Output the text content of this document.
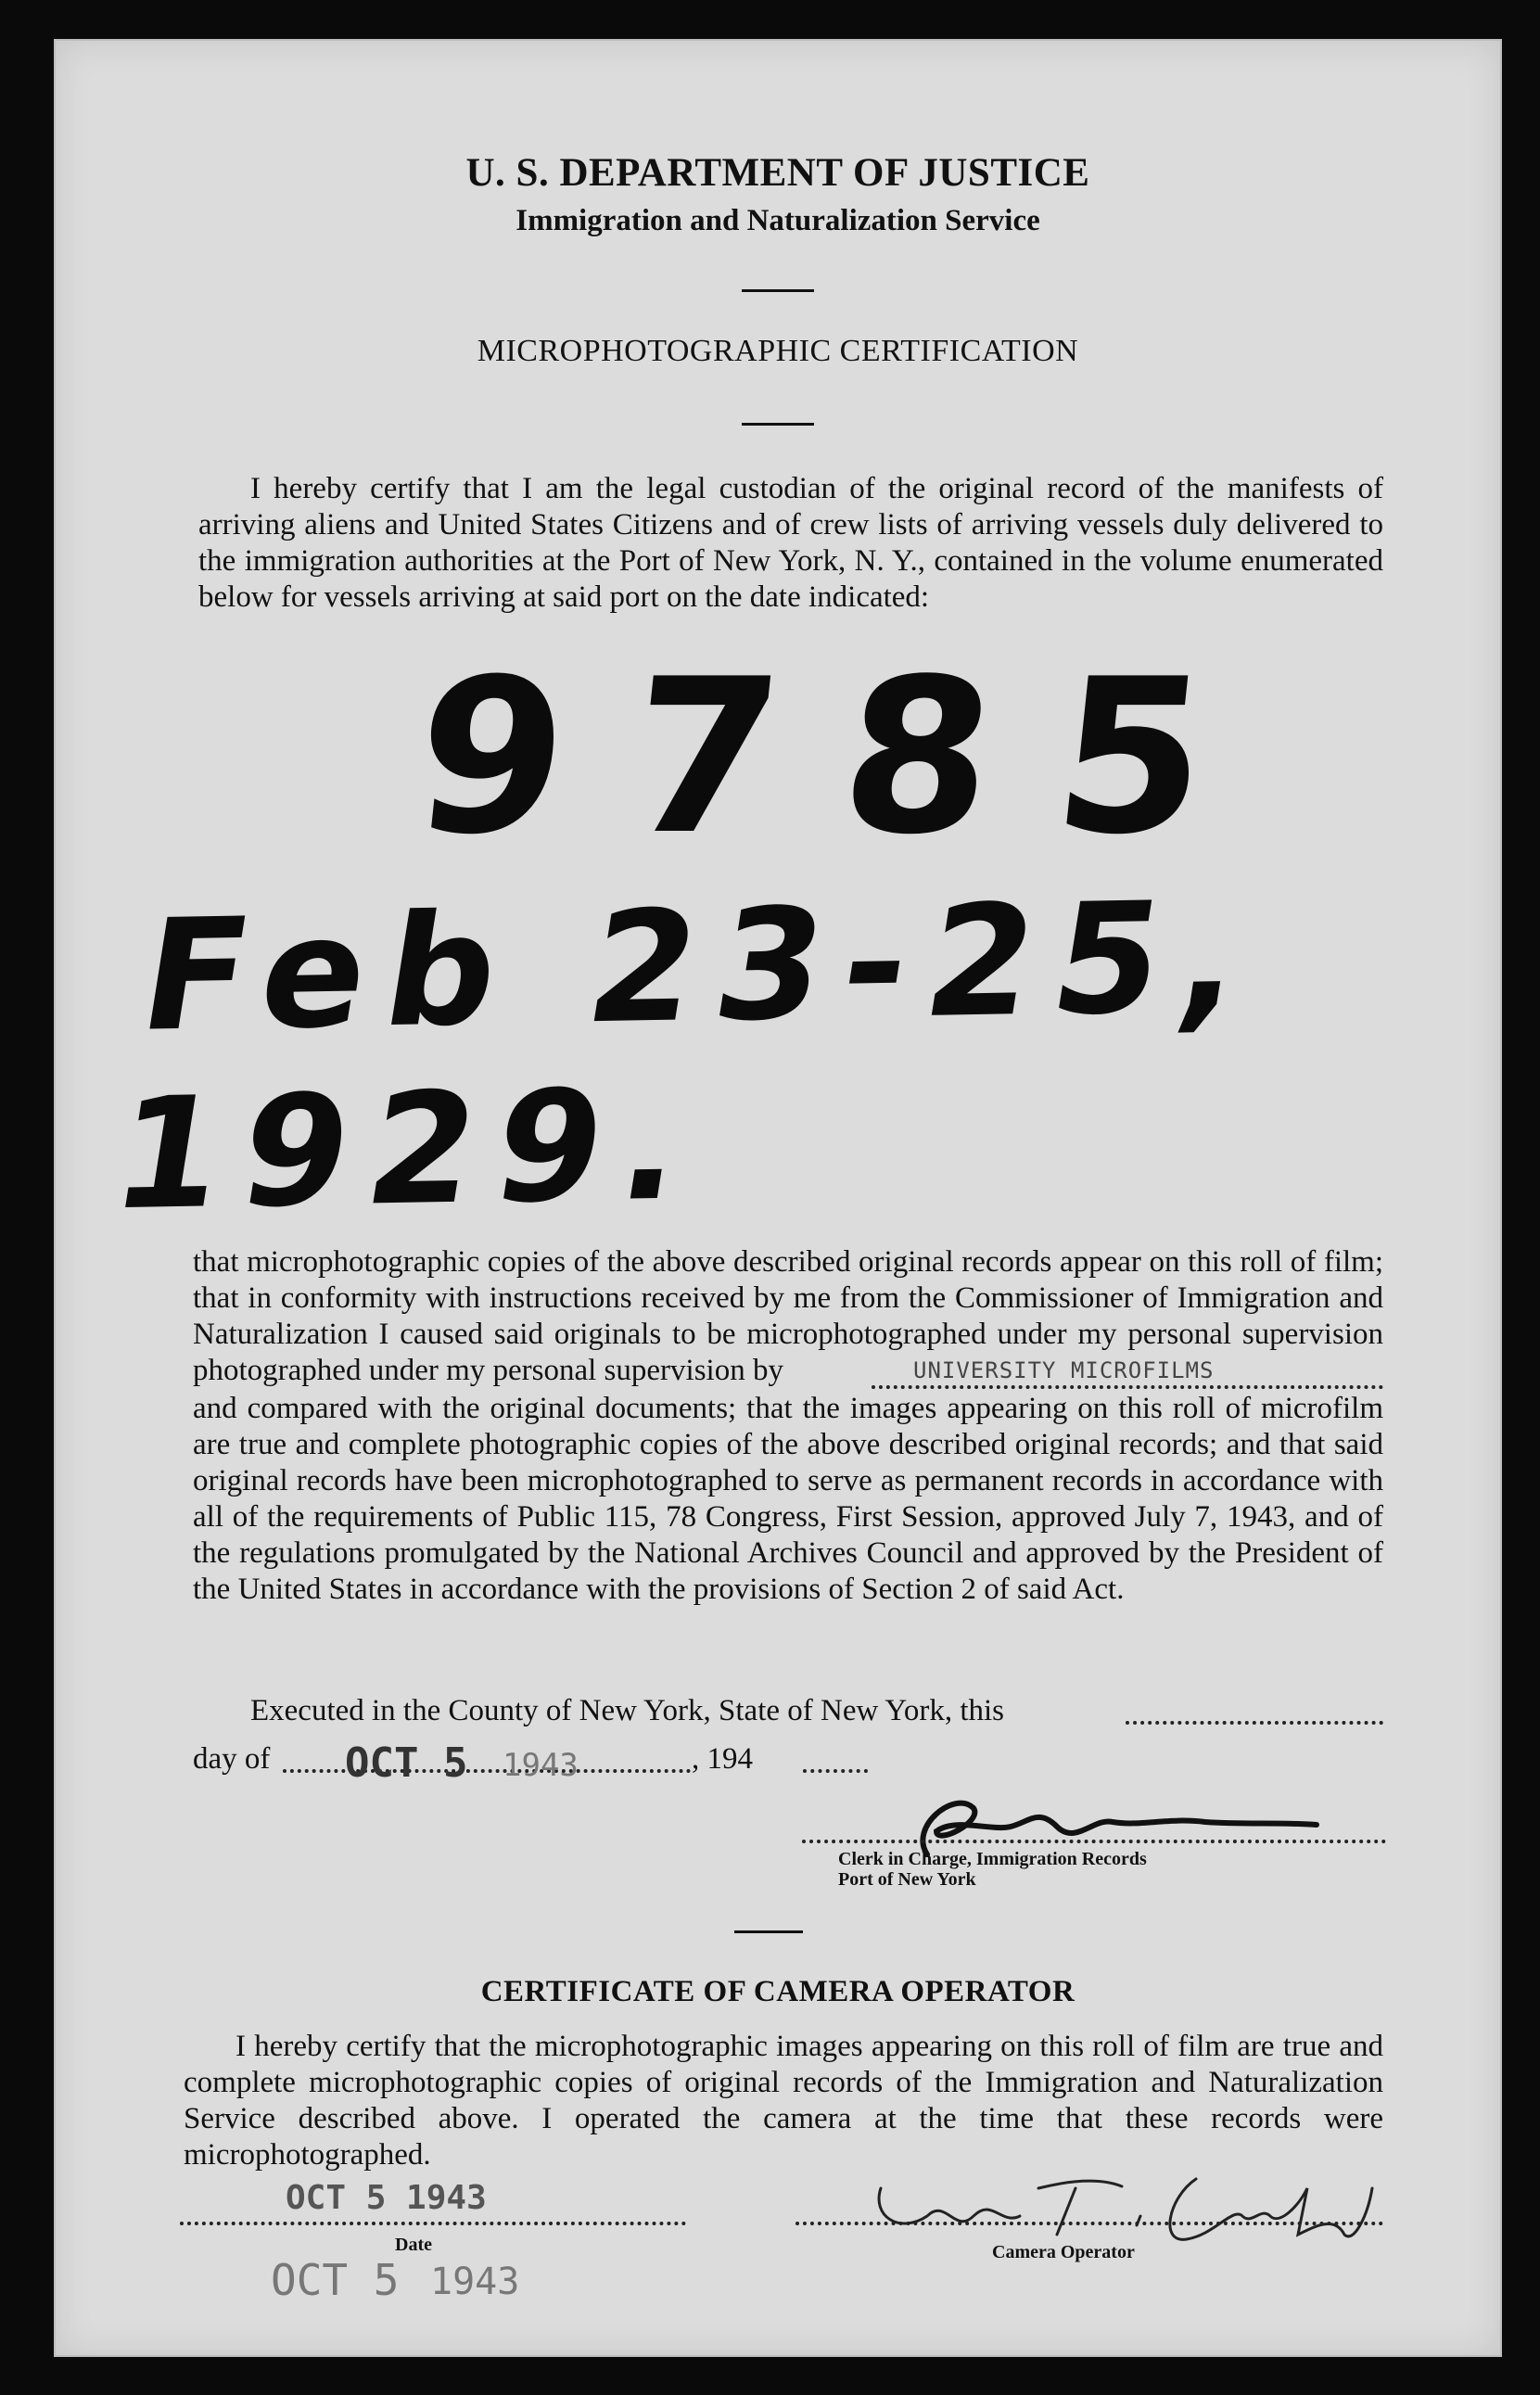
U. S. DEPARTMENT OF JUSTICE
Immigration and Naturalization Service
MICROPHOTOGRAPHIC CERTIFICATION

I hereby certify that I am the legal custodian of the original record of the manifests of arriving aliens and United States Citizens and of crew lists of arriving vessels duly delivered to the immigration authorities at the Port of New York, N. Y., contained in the volume enumerated below for vessels arriving at said port on the date indicated:

9785
Feb 23-25, 1929.

that microphotographic copies of the above described original records appear on this roll of film; that in conformity with instructions received by me from the Commissioner of Immigration and Naturalization I caused said originals to be microphotographed under my personal supervision

photographed under my personal supervision by	UNIVERSITY MICROFILMS

and compared with the original documents; that the images appearing on this roll of microfilm are true and complete photographic copies of the above described original records; and that said original records have been microphotographed to serve as permanent records in accordance with all of the requirements of Public 115, 78 Congress, First Session, approved July 7, 1943, and of the regulations promulgated by the National Archives Council and approved by the President of the United States in accordance with the provisions of Section 2 of said Act.

Executed in the County of New York, State of New York, this
day of OCT 5 1943	, 194
Clerk in Charge, Immigration Records
Port of New York
CERTIFICATE OF CAMERA OPERATOR

I hereby certify that the microphotographic images appearing on this roll of film are true and complete microphotographic copies of original records of the Immigration and Naturalization Service described above. I operated the camera at the time that these records were microphotographed.

OCT 5 1943
Date
OCT 5 1943
Camera Operator
